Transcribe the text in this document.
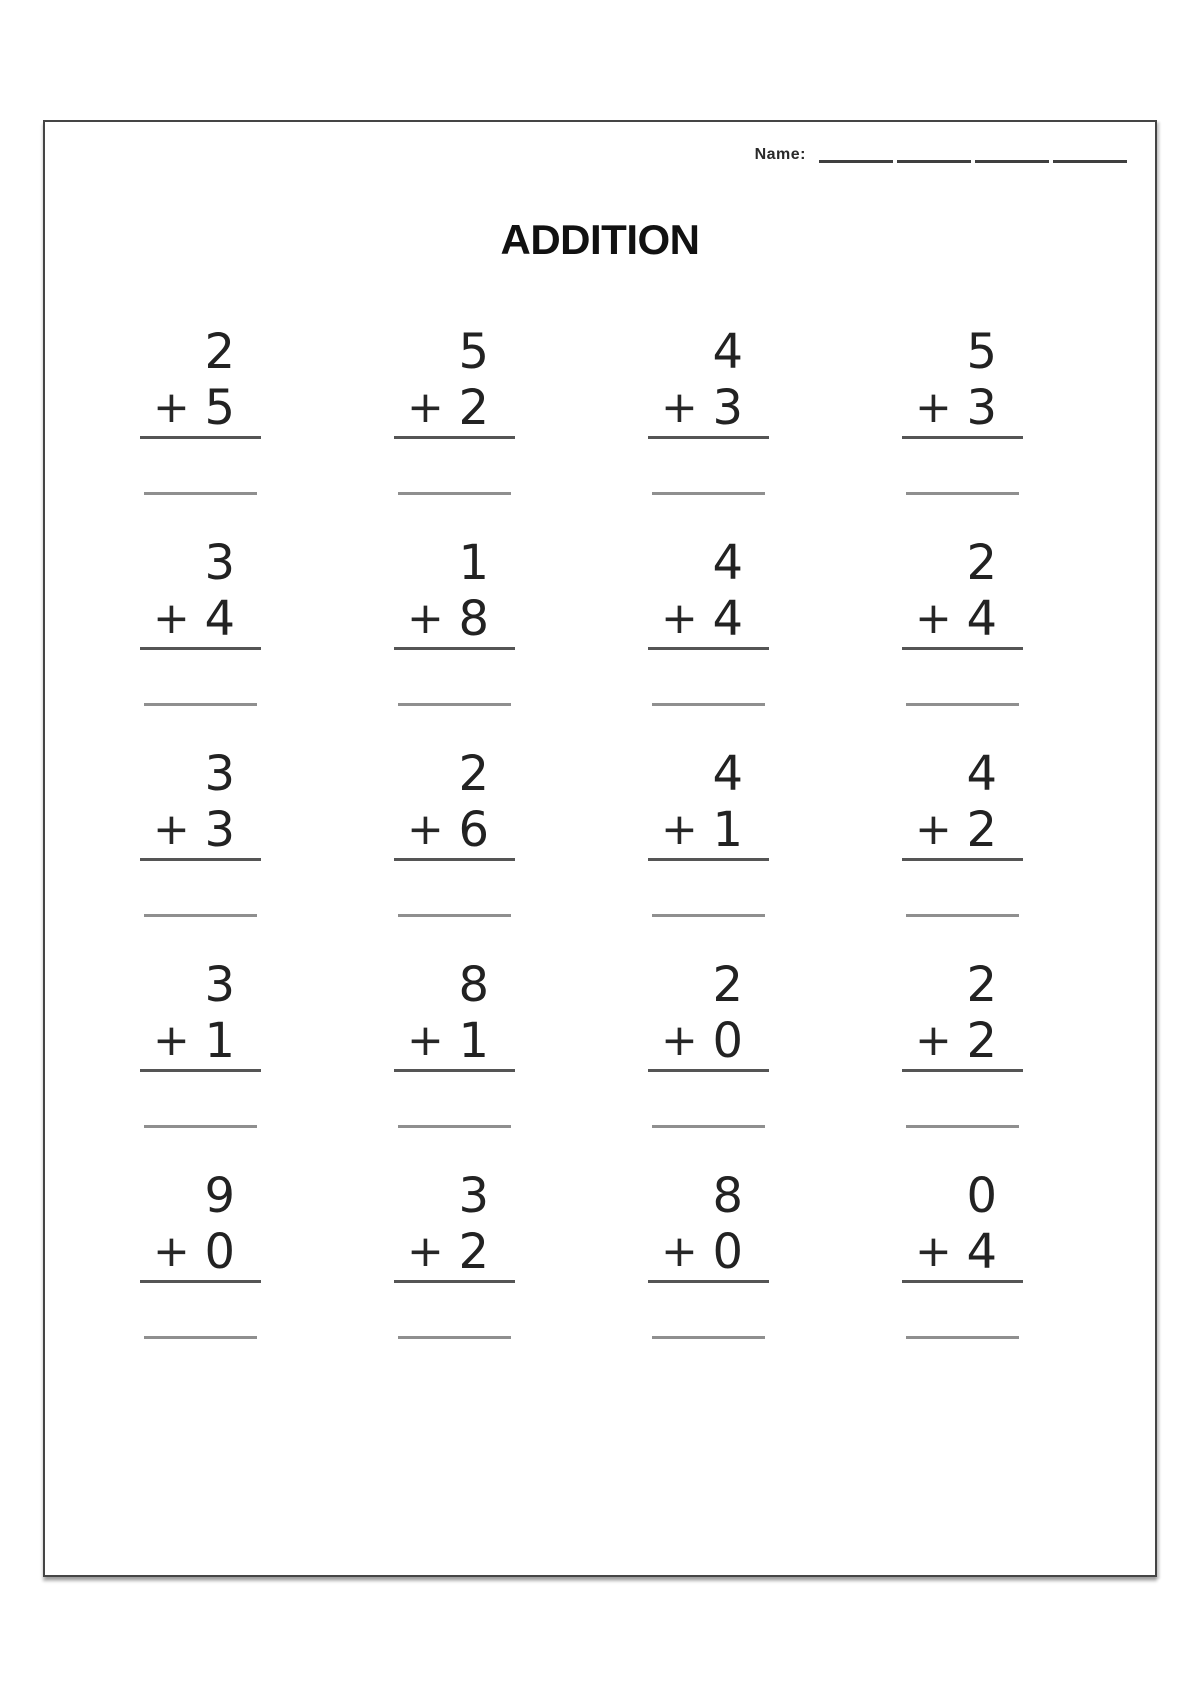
Name:
ADDITION
2
+ 5
5
+ 2
4
+ 3
5
+ 3
3
+ 4
1
+ 8
4
+ 4
2
+ 4
3
+ 3
2
+ 6
4
+ 1
4
+ 2
3
+ 1
8
+ 1
2
+ 0
2
+ 2
9
+ 0
3
+ 2
8
+ 0
0
+ 4
